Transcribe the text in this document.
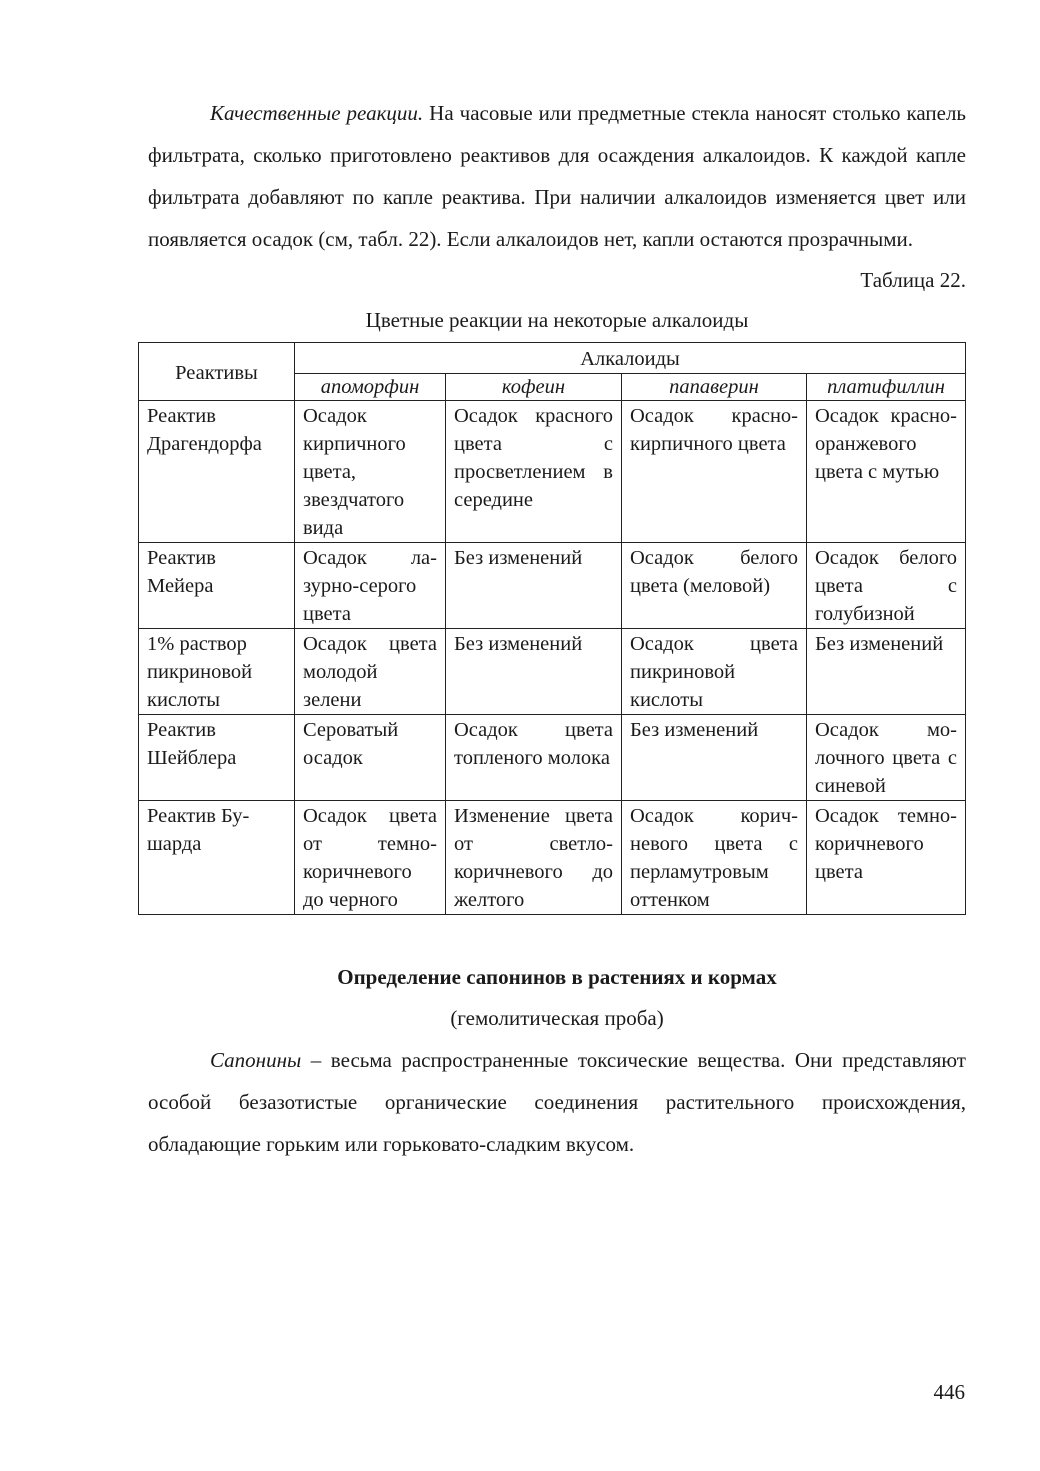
Качественные реакции. На часовые или предметные стекла наносят столько капель фильтрата, сколько приготовлено реактивов для осаждения алкалоидов. К каждой капле фильтрата добавляют по капле реактива. При наличии алкалоидов изменяется цвет или появляется осадок (см, табл. 22). Если алкалоидов нет, капли остаются прозрачными.

Таблица 22.

Цветные реакции на некоторые алкалоиды

Реактивы	Алкалоиды			
	апоморфин	кофеин	папаверин	платифиллин
Реактив Драгендорфа	Осадок кирпичного цвета, звездчатого вида	Осадок красного цвета с просветлением в середине	Осадок красно-кирпичного цвета	Осадок красно-оранжевого цвета с мутью
Реактив Мейера	Осадок лазурно-серого цвета	Без изменений	Осадок белого цвета (меловой)	Осадок белого цвета с голубизной
1% раствор пикриновой кислоты	Осадок цвета молодой зелени	Без изменений	Осадок цвета пикриновой кислоты	Без изменений
Реактив Шейблера	Сероватый осадок	Осадок цвета топленого молока	Без изменений	Осадок молочного цвета с синевой
Реактив Бушарда	Осадок цвета от темно-коричневого до черного	Изменение цвета от светло-коричневого до желтого	Осадок коричневого цвета с перламутровым оттенком	Осадок темно-коричневого цвета

Определение сапонинов в растениях и кормах

(гемолитическая проба)

Сапонины – весьма распространенные токсические вещества. Они представляют особой безазотистые органические соединения растительного происхождения, обладающие горьким или горьковато-сладким вкусом.

446
